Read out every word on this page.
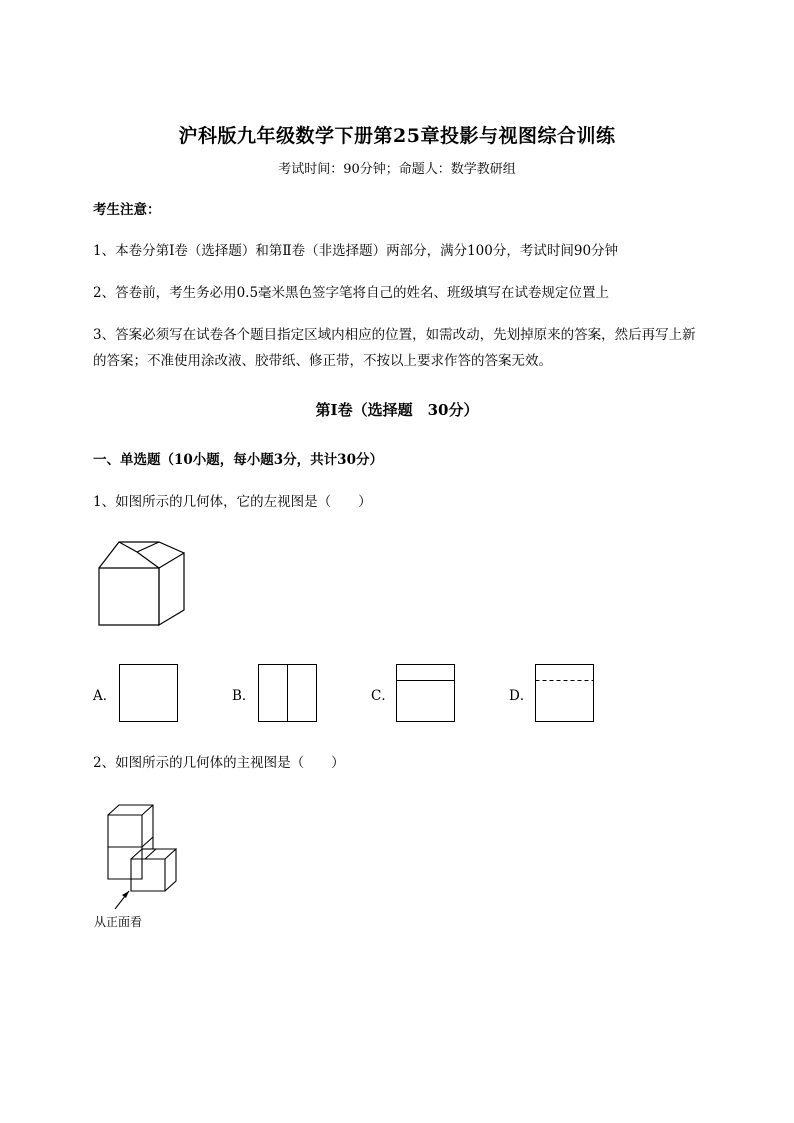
沪科版九年级数学下册第25章投影与视图综合训练
考试时间：90分钟；命题人：数学教研组
考生注意：
1、本卷分第I卷（选择题）和第Ⅱ卷（非选择题）两部分，满分100分，考试时间90分钟
2、答卷前，考生务必用0.5毫米黑色签字笔将自己的姓名、班级填写在试卷规定位置上
3、答案必须写在试卷各个题目指定区域内相应的位置，如需改动，先划掉原来的答案，然后再写上新
的答案；不准使用涂改液、胶带纸、修正带，不按以上要求作答的答案无效。
第I卷（选择题　30分）
一、单选题（10小题，每小题3分，共计30分）
1、如图所示的几何体，它的左视图是（　　）
A．	B．	C．	D．
2、如图所示的几何体的主视图是（　　）
从正面看
